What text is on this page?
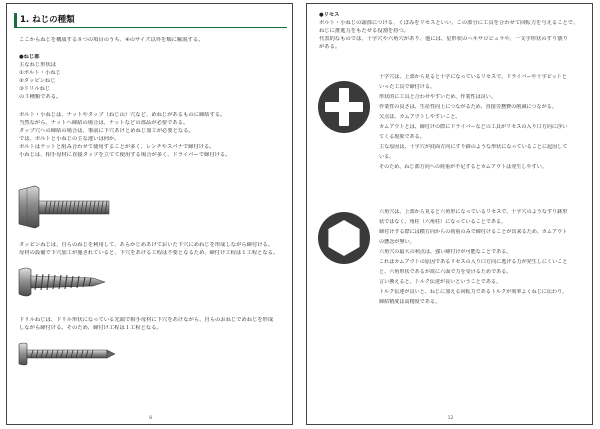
1. ねじの種類
ここからねじを構成する８つの項目のうち、④のサイズ以外を順に解説する。
●ねじ部
主なねじ形状は
①ボルト・小ねじ
②タッピンねじ
③ドリルねじ
の３種類である。
ボルト・小ねじは、ナットやタップ（ねじ山）穴など、めねじがあるものに締結する。
当然ながら、ナットへ締結の場合は、ナットなどの部品が必要である。
タップ穴への締結の場合は、事前に下穴あけとめねじ加工が必要となる。
では、ボルトと小ねじの主な違いは何か。
ボルトはナットと組み合わせて使用することが多く、レンチやスパナで締付ける。
小ねじは、相手母材に直接タップを立てて使用する場合が多く、ドライバーで締付ける。
タッピンねじは、自らのねじを利用して、あらかじめあけておいた下穴にめねじを形成しながら締付ける。
母材の設備で下穴加工が施されていると、下穴をあける工程は不要となるため、締付け工程は１工程となる。
ドリルねじは、ドリル形状になっている先端で相手母材に下穴をあけながら、自らのおねじでめねじを形成
しながら締付ける。そのため、締付け工程は１工程となる。
8
●リセス
ボルト・小ねじの頭部につける、くぼみをリセスといい、この部分に工具を合わせて回転力を与えることで、
ねじに推進力をもたせる役割を持つ。
代表的なものでは、十字穴や六角穴があり、他には、星形状のヘキサロビュラや、一文字形状のすり割り
がある。
十字穴は、上部から見ると十字になっているリセスで、ドライバーや十字ビットと
いった工具で締付ける。
形状的に工具と合わせやすいため、作業性は良い。
作業性の良さは、生産性向上につながるため、直接労務費の削減につながる。
欠点は、カムアウトしやすいこと。
カムアウトとは、締付けの際にドライバーなどの工具がリセスの入り口方向に浮い
てくる現象である。
主な原因は、十字穴が底面方向にすり鉢のような形状になっていることに起因して
いる。
そのため、ねじ部方向への荷重が不足するとカムアウトは発生しやすい。
六角穴は、上部から見ると六角形になっているリセスで、十字穴のようなすり鉢形
状ではなく、角柱（六角柱）になっていることである。
締付けする際には横方向からの荷重のみで締付けることが出来るため、カムアウト
の懸念が無い。
六角穴の最大の利点は、強い締付けが可能なことである。
これはカムアウトの原因であるリセスの入り口方向に逃げる力が発生しにくいこと
と、六角形状であるが故に六面で力を受けるためである。
言い換えると、トルク伝達が良いということである。
トルク伝達が良いと、ねじに加える回転力であるトルクが効率よくねじに伝わり、
締結精度は高精度である。
12
